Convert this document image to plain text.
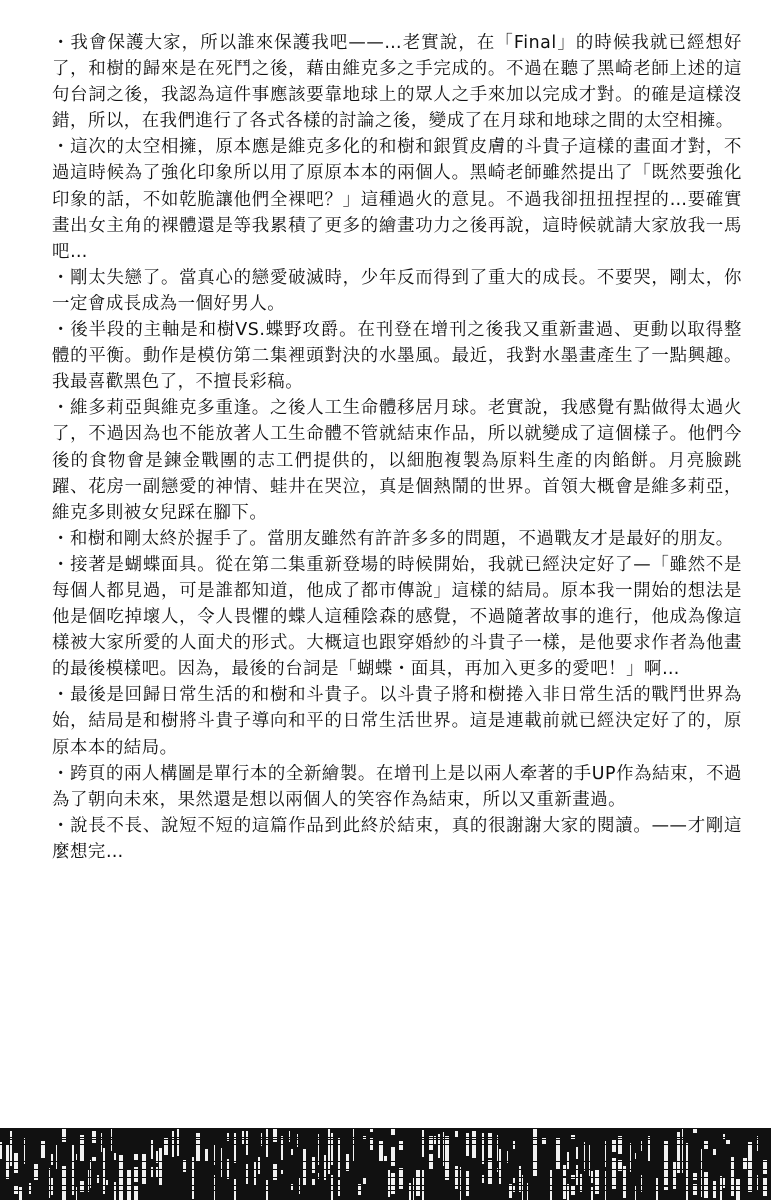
・我會保護大家，所以誰來保護我吧——…老實說，在「Final」的時候我就已經想好了，和樹的歸來是在死鬥之後，藉由維克多之手完成的。不過在聽了黑崎老師上述的這句台詞之後，我認為這件事應該要靠地球上的眾人之手來加以完成才對。的確是這樣沒錯，所以，在我們進行了各式各樣的討論之後，變成了在月球和地球之間的太空相擁。

・這次的太空相擁，原本應是維克多化的和樹和銀質皮膚的斗貴子這樣的畫面才對，不過這時候為了強化印象所以用了原原本本的兩個人。黑崎老師雖然提出了「既然要強化印象的話，不如乾脆讓他們全裸吧？」這種過火的意見。不過我卻扭扭捏捏的…要確實畫出女主角的裸體還是等我累積了更多的繪畫功力之後再說，這時候就請大家放我一馬吧…

・剛太失戀了。當真心的戀愛破滅時，少年反而得到了重大的成長。不要哭，剛太，你一定會成長成為一個好男人。

・後半段的主軸是和樹VS.蝶野攻爵。在刊登在增刊之後我又重新畫過、更動以取得整體的平衡。動作是模仿第二集裡頭對決的水墨風。最近，我對水墨畫產生了一點興趣。我最喜歡黑色了，不擅長彩稿。

・維多莉亞與維克多重逢。之後人工生命體移居月球。老實說，我感覺有點做得太過火了，不過因為也不能放著人工生命體不管就結束作品，所以就變成了這個樣子。他們今後的食物會是鍊金戰團的志工們提供的，以細胞複製為原料生產的肉餡餅。月亮臉跳躍、花房一副戀愛的神情、蛙井在哭泣，真是個熱鬧的世界。首領大概會是維多莉亞，維克多則被女兒踩在腳下。

・和樹和剛太終於握手了。當朋友雖然有許許多多的問題，不過戰友才是最好的朋友。

・接著是蝴蝶面具。從在第二集重新登場的時候開始，我就已經決定好了—「雖然不是每個人都見過，可是誰都知道，他成了都市傳說」這樣的結局。原本我一開始的想法是他是個吃掉壞人，令人畏懼的蝶人這種陰森的感覺，不過隨著故事的進行，他成為像這樣被大家所愛的人面犬的形式。大概這也跟穿婚紗的斗貴子一樣，是他要求作者為他畫的最後模樣吧。因為，最後的台詞是「蝴蝶・面具，再加入更多的愛吧！」啊…

・最後是回歸日常生活的和樹和斗貴子。以斗貴子將和樹捲入非日常生活的戰鬥世界為始，結局是和樹將斗貴子導向和平的日常生活世界。這是連載前就已經決定好了的，原原本本的結局。

・跨頁的兩人構圖是單行本的全新繪製。在增刊上是以兩人牽著的手UP作為結束，不過為了朝向未來，果然還是想以兩個人的笑容作為結束，所以又重新畫過。

・說長不長、說短不短的這篇作品到此終於結束，真的很謝謝大家的閱讀。——才剛這麼想完…
